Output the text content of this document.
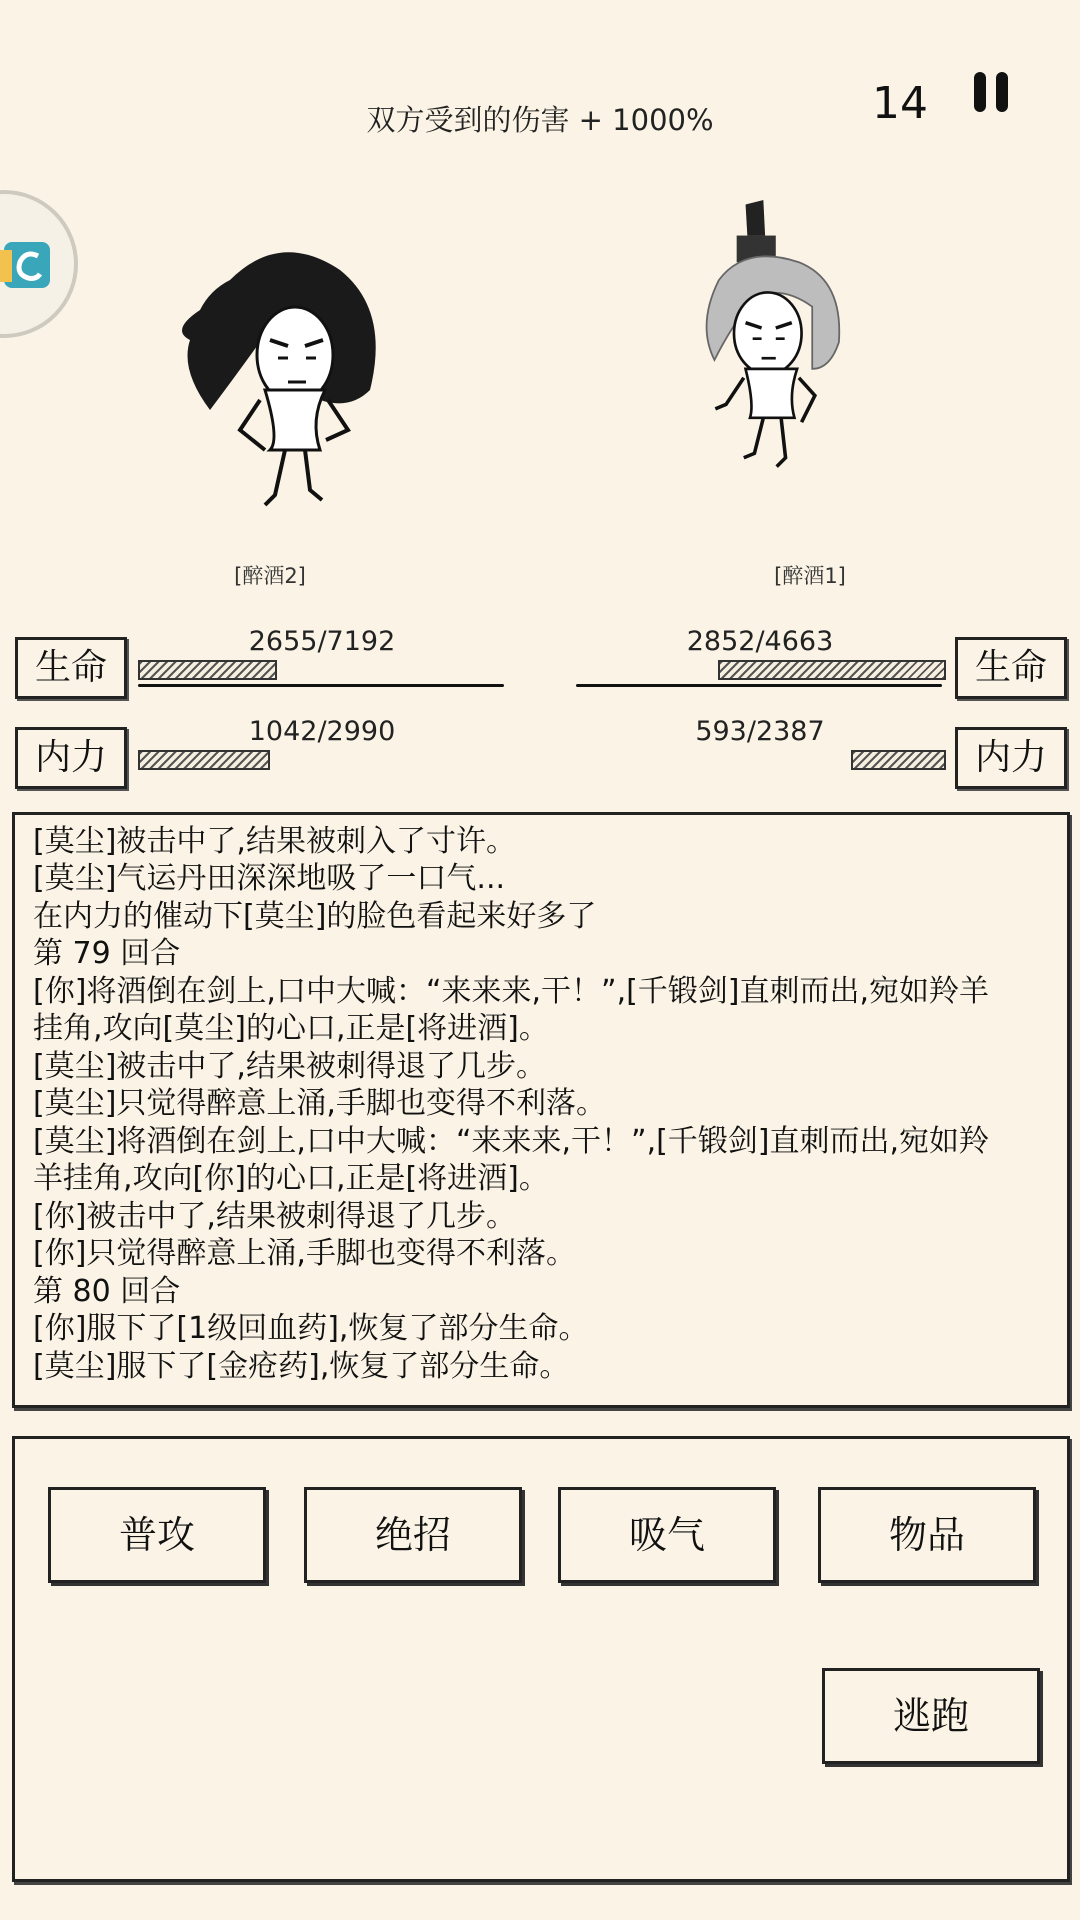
双方受到的伤害 + 1000%	14
[醉酒2]	[醉酒1]
生命
2655/7192
内力
1042/2990
生命
2852/4663
内力
593/2387
[莫尘]被击中了,结果被刺入了寸许。
[莫尘]气运丹田深深地吸了一口气...
在内力的催动下[莫尘]的脸色看起来好多了
第 79 回合
[你]将酒倒在剑上,口中大喊：“来来来,干！”,[千锻剑]直刺而出,宛如羚羊
挂角,攻向[莫尘]的心口,正是[将进酒]。
[莫尘]被击中了,结果被刺得退了几步。
[莫尘]只觉得醉意上涌,手脚也变得不利落。
[莫尘]将酒倒在剑上,口中大喊：“来来来,干！”,[千锻剑]直刺而出,宛如羚
羊挂角,攻向[你]的心口,正是[将进酒]。
[你]被击中了,结果被刺得退了几步。
[你]只觉得醉意上涌,手脚也变得不利落。
第 80 回合
[你]服下了[1级回血药],恢复了部分生命。
[莫尘]服下了[金疮药],恢复了部分生命。
普攻	绝招	吸气	物品
逃跑
